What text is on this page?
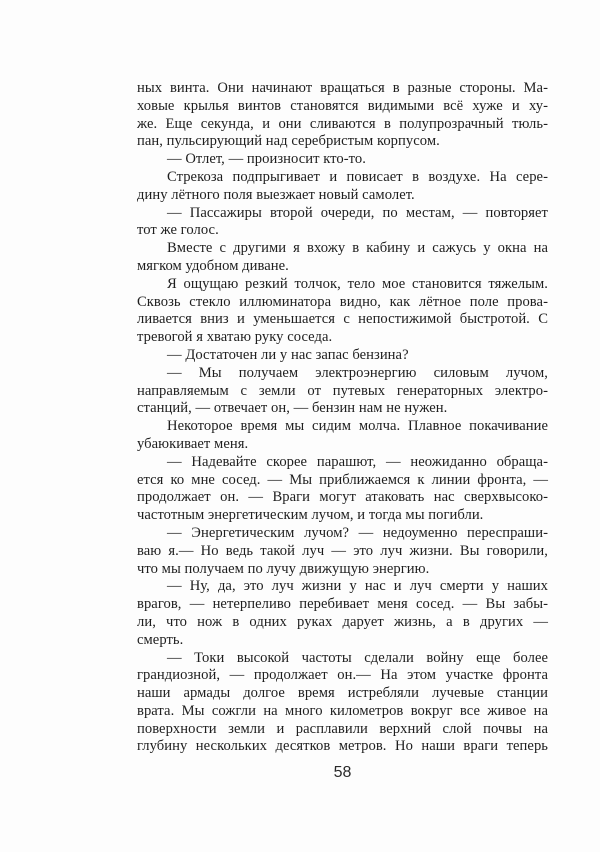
ных винта. Они начинают вращаться в разные стороны. Ма-
ховые крылья винтов становятся видимыми всё хуже и ху-
же. Еще секунда, и они сливаются в полупрозрачный тюль-
пан, пульсирующий над серебристым корпусом.
— Отлет, — произносит кто-то.
Стрекоза подпрыгивает и повисает в воздухе. На сере-
дину лётного поля выезжает новый самолет.
— Пассажиры второй очереди, по местам, — повторяет
тот же голос.
Вместе с другими я вхожу в кабину и сажусь у окна на
мягком удобном диване.
Я ощущаю резкий толчок, тело мое становится тяжелым.
Сквозь стекло иллюминатора видно, как лётное поле прова-
ливается вниз и уменьшается с непостижимой быстротой. С
тревогой я хватаю руку соседа.
— Достаточен ли у нас запас бензина?
— Мы получаем электроэнергию силовым лучом,
направляемым с земли от путевых генераторных электро-
станций, — отвечает он, — бензин нам не нужен.
Некоторое время мы сидим молча. Плавное покачивание
убаюкивает меня.
— Надевайте скорее парашют, — неожиданно обраща-
ется ко мне сосед. — Мы приближаемся к линии фронта, —
продолжает он. — Враги могут атаковать нас сверхвысоко-
частотным энергетическим лучом, и тогда мы погибли.
— Энергетическим лучом? — недоуменно переспраши-
ваю я.— Но ведь такой луч — это луч жизни. Вы говорили,
что мы получаем по лучу движущую энергию.
— Ну, да, это луч жизни у нас и луч смерти у наших
врагов, — нетерпеливо перебивает меня сосед. — Вы забы-
ли, что нож в одних руках дарует жизнь, а в других —
смерть.
— Токи высокой частоты сделали войну еще более
грандиозной, — продолжает он.— На этом участке фронта
наши армады долгое время истребляли лучевые станции
врата. Мы сожгли на много километров вокруг все живое на
поверхности земли и расплавили верхний слой почвы на
глубину нескольких десятков метров. Но наши враги теперь
58
